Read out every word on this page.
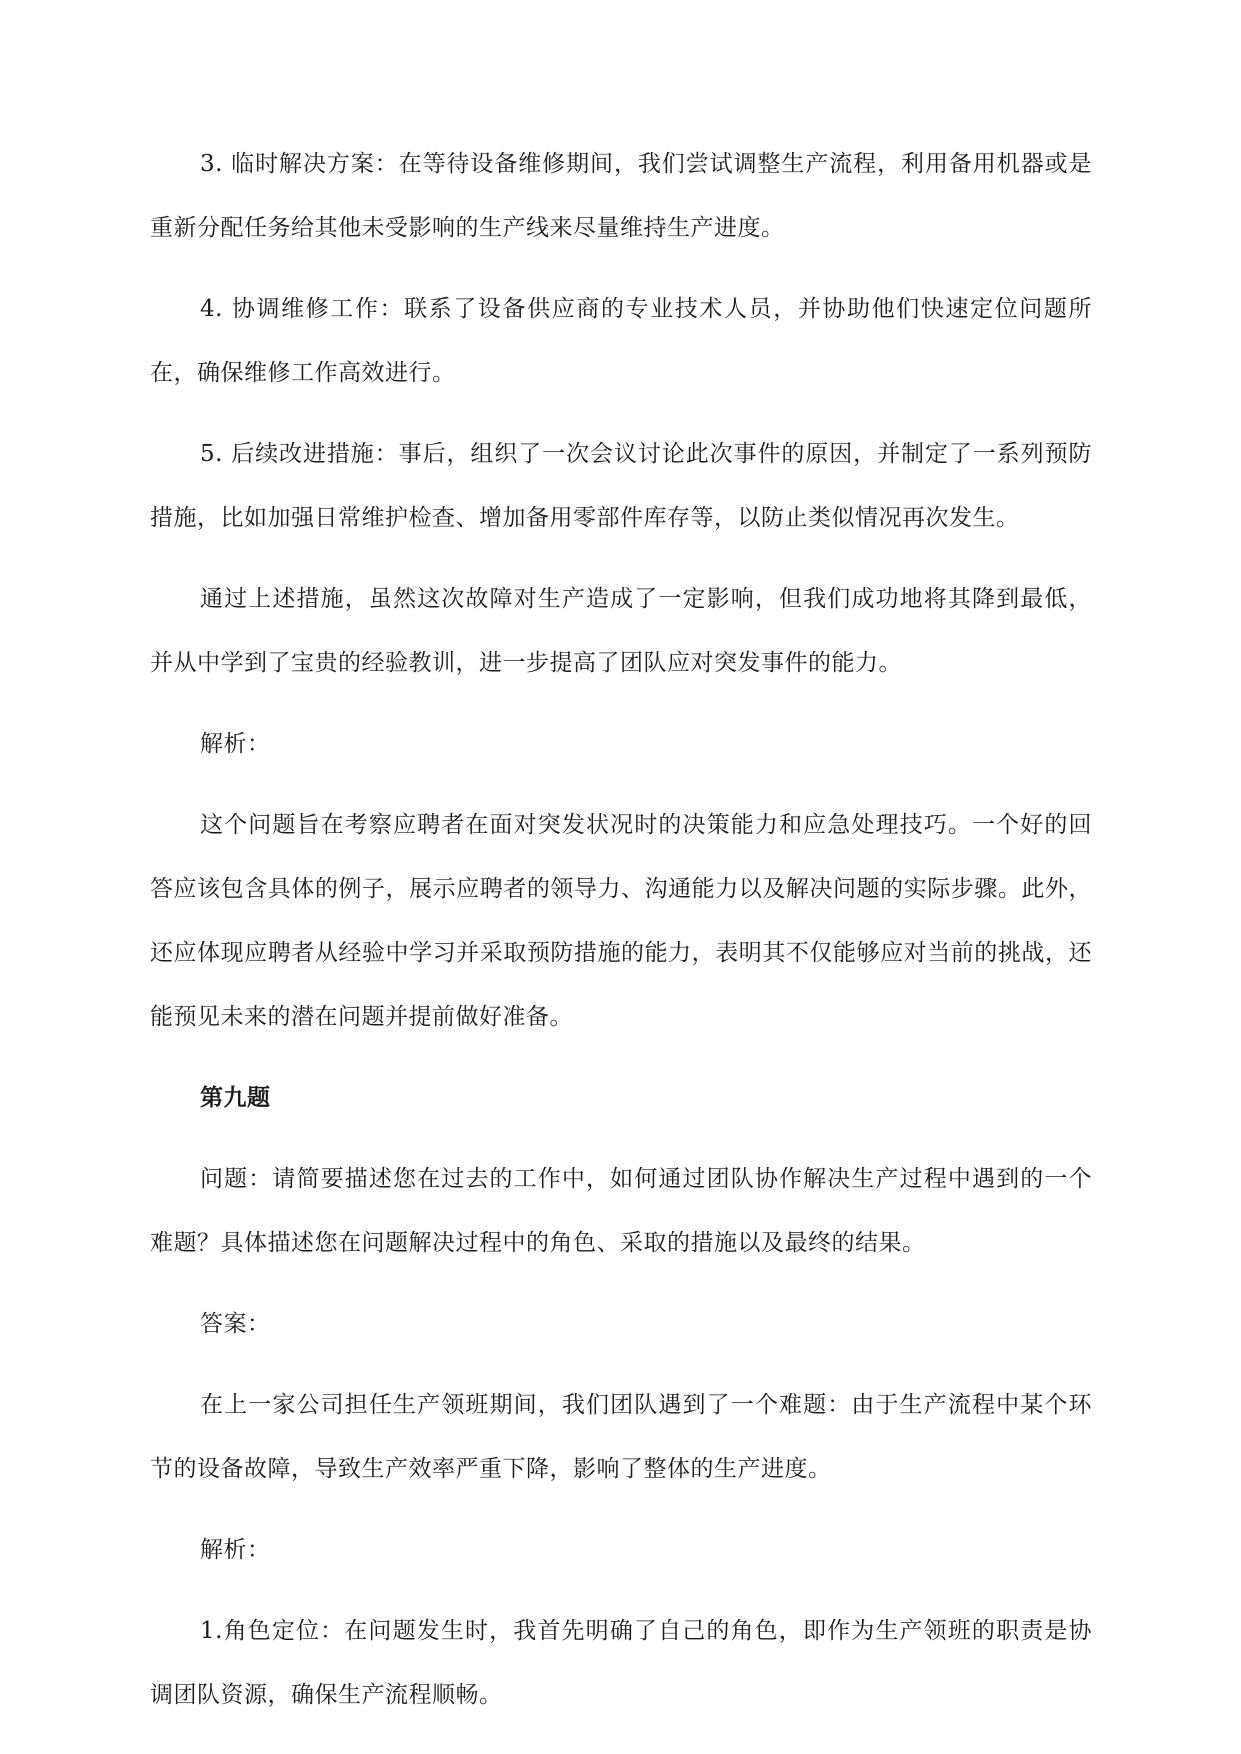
3. 临时解决方案：在等待设备维修期间，我们尝试调整生产流程，利用备用机器或是重新分配任务给其他未受影响的生产线来尽量维持生产进度。

4. 协调维修工作：联系了设备供应商的专业技术人员，并协助他们快速定位问题所在，确保维修工作高效进行。

5. 后续改进措施：事后，组织了一次会议讨论此次事件的原因，并制定了一系列预防措施，比如加强日常维护检查、增加备用零部件库存等，以防止类似情况再次发生。

通过上述措施，虽然这次故障对生产造成了一定影响，但我们成功地将其降到最低，并从中学到了宝贵的经验教训，进一步提高了团队应对突发事件的能力。

解析：

这个问题旨在考察应聘者在面对突发状况时的决策能力和应急处理技巧。一个好的回答应该包含具体的例子，展示应聘者的领导力、沟通能力以及解决问题的实际步骤。此外，还应体现应聘者从经验中学习并采取预防措施的能力，表明其不仅能够应对当前的挑战，还能预见未来的潜在问题并提前做好准备。

第九题

问题：请简要描述您在过去的工作中，如何通过团队协作解决生产过程中遇到的一个难题？具体描述您在问题解决过程中的角色、采取的措施以及最终的结果。

答案：

在上一家公司担任生产领班期间，我们团队遇到了一个难题：由于生产流程中某个环节的设备故障，导致生产效率严重下降，影响了整体的生产进度。

解析：

1.角色定位：在问题发生时，我首先明确了自己的角色，即作为生产领班的职责是协调团队资源，确保生产流程顺畅。
